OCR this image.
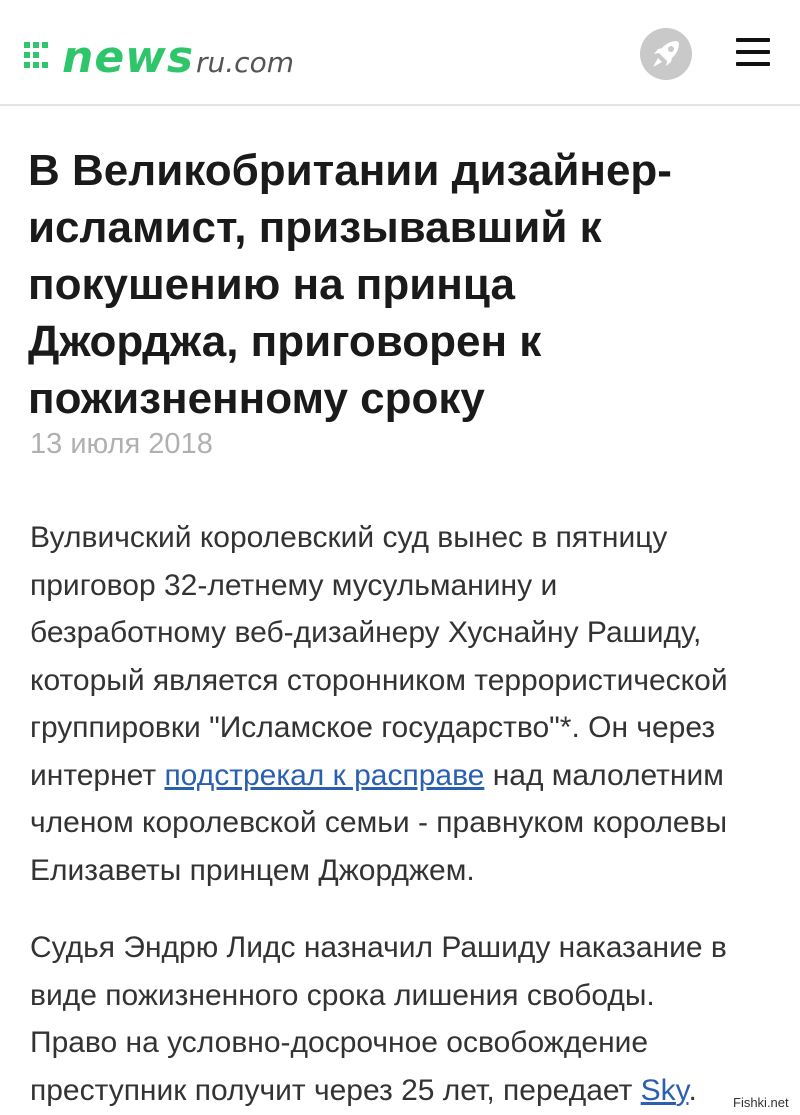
news ru.com
В Великобритании дизайнер-
исламист, призывавший к
покушению на принца
Джорджа, приговорен к
пожизненному сроку
13 июля 2018

Вулвичский королевский суд вынес в пятницу
приговор 32-летнему мусульманину и
безработному веб-дизайнеру Хуснайну Рашиду,
который является сторонником террористической
группировки "Исламское государство"*. Он через
интернет подстрекал к расправе над малолетним
членом королевской семьи - правнуком королевы
Елизаветы принцем Джорджем.

Судья Эндрю Лидс назначил Рашиду наказание в
виде пожизненного срока лишения свободы.
Право на условно-досрочное освобождение
преступник получит через 25 лет, передает Sky.	Fishki.net
